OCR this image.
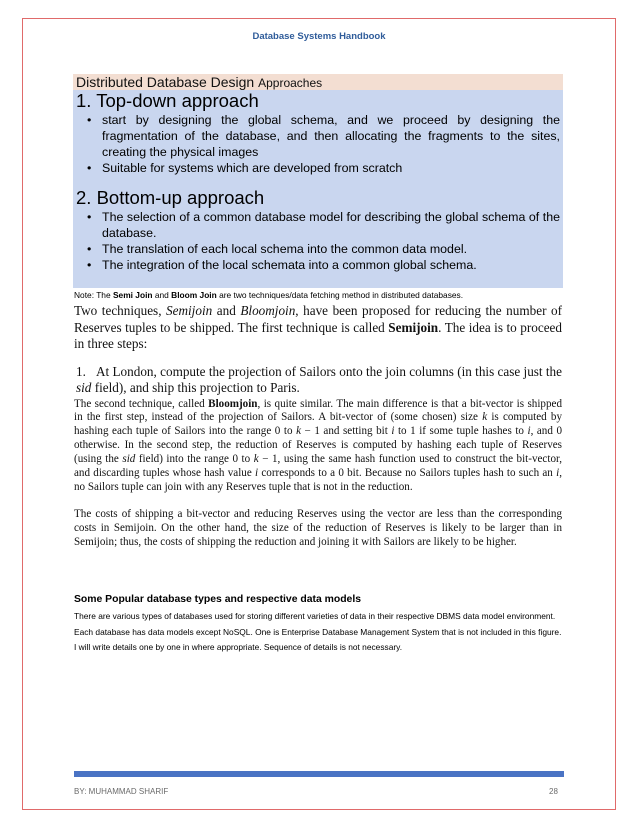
Database Systems Handbook
Distributed Database Design Approaches
1. Top-down approach
• start by designing the global schema, and we proceed by designing the fragmentation of the database, and then allocating the fragments to the sites, creating the physical images
• Suitable for systems which are developed from scratch
2. Bottom-up approach
• The selection of a common database model for describing the global schema of the database.
• The translation of each local schema into the common data model.
• The integration of the local schemata into a common global schema.
Note: The Semi Join and Bloom Join are two techniques/data fetching method in distributed databases.

Two techniques, Semijoin and Bloomjoin, have been proposed for reducing the number of Reserves tuples to be shipped. The first technique is called Semijoin. The idea is to proceed in three steps:

1. At London, compute the projection of Sailors onto the join columns (in this case just the sid field), and ship this projection to Paris.

The second technique, called Bloomjoin, is quite similar. The main difference is that a bit-vector is shipped in the first step, instead of the projection of Sailors. A bit-vector of (some chosen) size k is computed by hashing each tuple of Sailors into the range 0 to k − 1 and setting bit i to 1 if some tuple hashes to i, and 0 otherwise. In the second step, the reduction of Reserves is computed by hashing each tuple of Reserves (using the sid field) into the range 0 to k − 1, using the same hash function used to construct the bit-vector, and discarding tuples whose hash value i corresponds to a 0 bit. Because no Sailors tuples hash to such an i, no Sailors tuple can join with any Reserves tuple that is not in the reduction.

The costs of shipping a bit-vector and reducing Reserves using the vector are less than the corresponding costs in Semijoin. On the other hand, the size of the reduction of Reserves is likely to be larger than in Semijoin; thus, the costs of shipping the reduction and joining it with Sailors are likely to be higher.

Some Popular database types and respective data models
There are various types of databases used for storing different varieties of data in their respective DBMS data model environment. Each database has data models except NoSQL. One is Enterprise Database Management System that is not included in this figure. I will write details one by one in where appropriate. Sequence of details is not necessary.
BY: MUHAMMAD SHARIF	28
